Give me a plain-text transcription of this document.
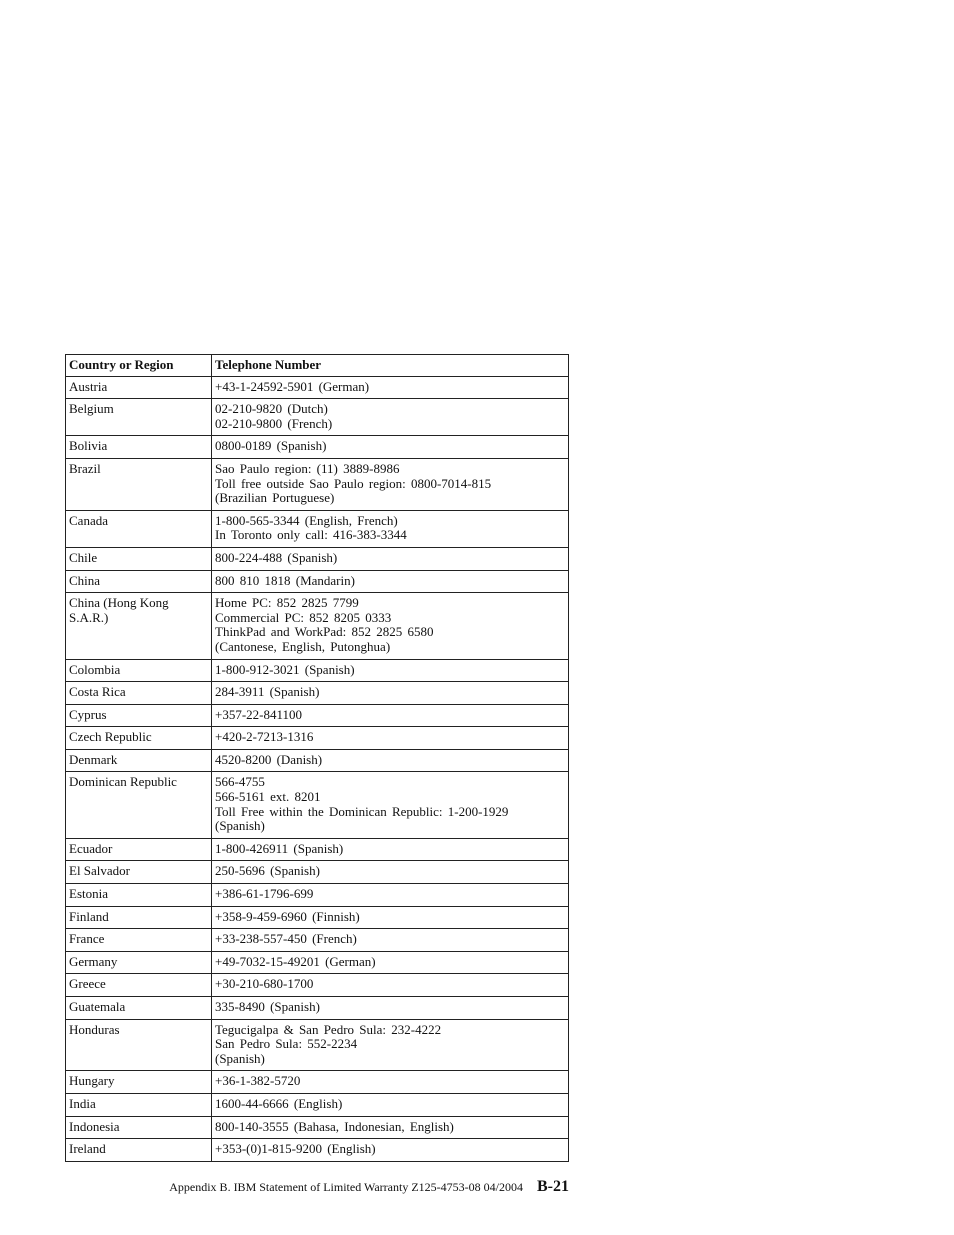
Country or Region	Telephone Number

Austria	+43-1-24592-5901 (German)

Belgium	02-210-9820 (Dutch)
02-210-9800 (French)

Bolivia	0800-0189 (Spanish)

Brazil	Sao Paulo region: (11) 3889-8986
Toll free outside Sao Paulo region: 0800-7014-815
(Brazilian Portuguese)

Canada	1-800-565-3344 (English, French)
In Toronto only call: 416-383-3344

Chile	800-224-488 (Spanish)

China	800 810 1818 (Mandarin)

China (Hong Kong S.A.R.)	Home PC: 852 2825 7799
Commercial PC: 852 8205 0333
ThinkPad and WorkPad: 852 2825 6580
(Cantonese, English, Putonghua)

Colombia	1-800-912-3021 (Spanish)

Costa Rica	284-3911 (Spanish)

Cyprus	+357-22-841100

Czech Republic	+420-2-7213-1316

Denmark	4520-8200 (Danish)

Dominican Republic	566-4755
566-5161 ext. 8201
Toll Free within the Dominican Republic: 1-200-1929
(Spanish)

Ecuador	1-800-426911 (Spanish)

El Salvador	250-5696 (Spanish)

Estonia	+386-61-1796-699

Finland	+358-9-459-6960 (Finnish)

France	+33-238-557-450 (French)

Germany	+49-7032-15-49201 (German)

Greece	+30-210-680-1700

Guatemala	335-8490 (Spanish)

Honduras	Tegucigalpa & San Pedro Sula: 232-4222
San Pedro Sula: 552-2234
(Spanish)

Hungary	+36-1-382-5720

India	1600-44-6666 (English)

Indonesia	800-140-3555 (Bahasa, Indonesian, English)

Ireland	+353-(0)1-815-9200 (English)
Appendix B. IBM Statement of Limited Warranty Z125-4753-08 04/2004 B-21
